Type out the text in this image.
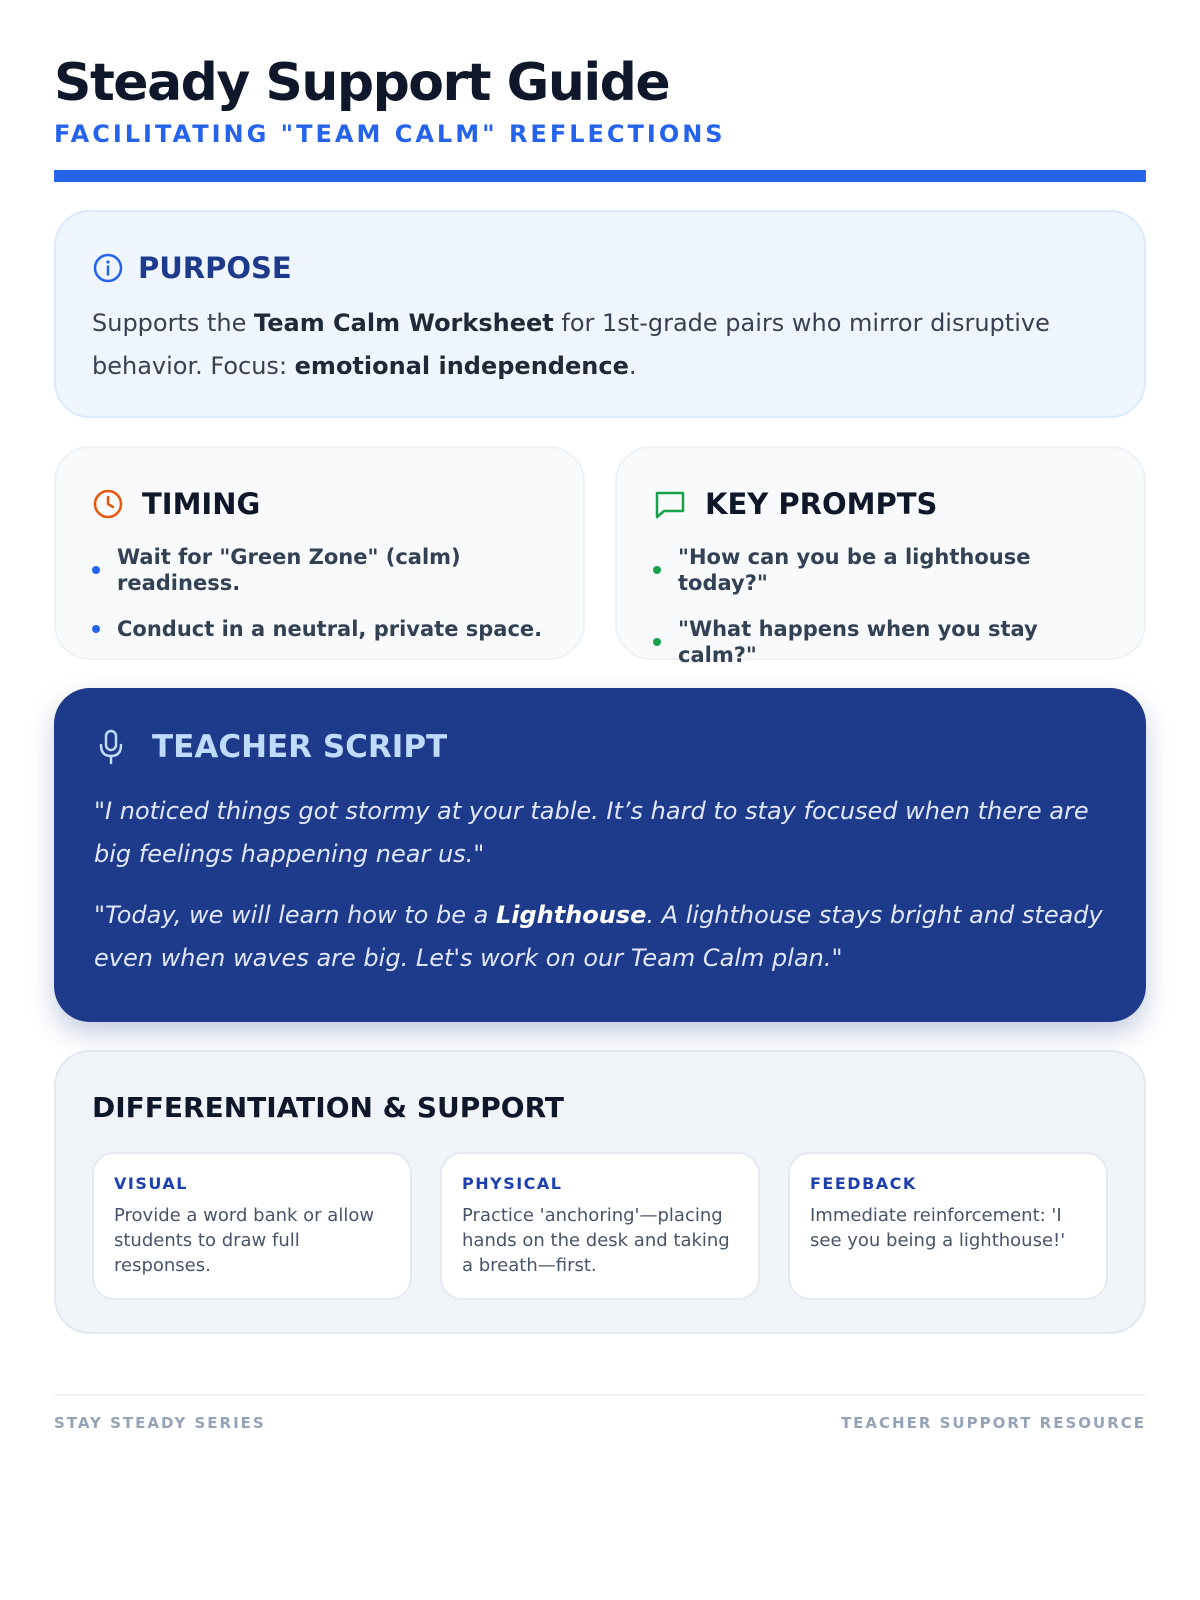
Steady Support Guide
FACILITATING "TEAM CALM" REFLECTIONS
PURPOSE

Supports the Team Calm Worksheet for 1st-grade pairs who mirror disruptive behavior. Focus: emotional independence.

TIMING
Wait for "Green Zone" (calm) readiness.
Conduct in a neutral, private space.
KEY PROMPTS
"How can you be a lighthouse today?"
"What happens when you stay calm?"
TEACHER SCRIPT

"I noticed things got stormy at your table. It’s hard to stay focused when there are big feelings happening near us."

"Today, we will learn how to be a Lighthouse. A lighthouse stays bright and steady even when waves are big. Let's work on our Team Calm plan."

DIFFERENTIATION & SUPPORT
VISUAL
Provide a word bank or allow students to draw full responses.
PHYSICAL
Practice 'anchoring'—placing hands on the desk and taking a breath—first.
FEEDBACK
Immediate reinforcement: 'I see you being a lighthouse!'
STAY STEADY SERIES	TEACHER SUPPORT RESOURCE
